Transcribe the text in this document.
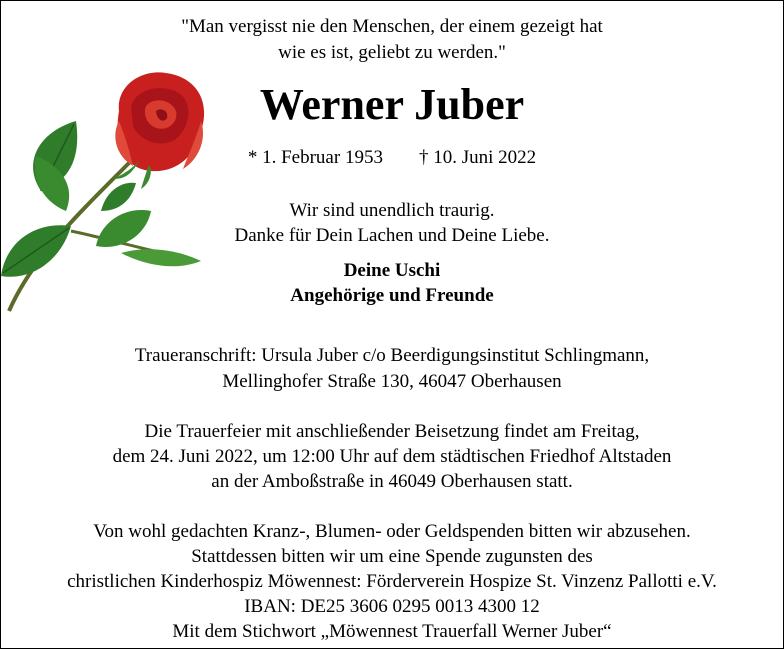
"Man vergisst nie den Menschen, der einem gezeigt hat
wie es ist, geliebt zu werden."
Werner Juber
* 1. Februar 1953 † 10. Juni 2022
Wir sind unendlich traurig.
Danke für Dein Lachen und Deine Liebe.
Deine Uschi
Angehörige und Freunde
Traueranschrift: Ursula Juber c/o Beerdigungsinstitut Schlingmann,
Mellinghofer Straße 130, 46047 Oberhausen
Die Trauerfeier mit anschließender Beisetzung findet am Freitag,
dem 24. Juni 2022, um 12:00 Uhr auf dem städtischen Friedhof Altstaden
an der Amboßstraße in 46049 Oberhausen statt.
Von wohl gedachten Kranz-, Blumen- oder Geldspenden bitten wir abzusehen.
Stattdessen bitten wir um eine Spende zugunsten des
christlichen Kinderhospiz Möwennest: Förderverein Hospize St. Vinzenz Pallotti e.V.
IBAN: DE25 3606 0295 0013 4300 12
Mit dem Stichwort „Möwennest Trauerfall Werner Juber“
